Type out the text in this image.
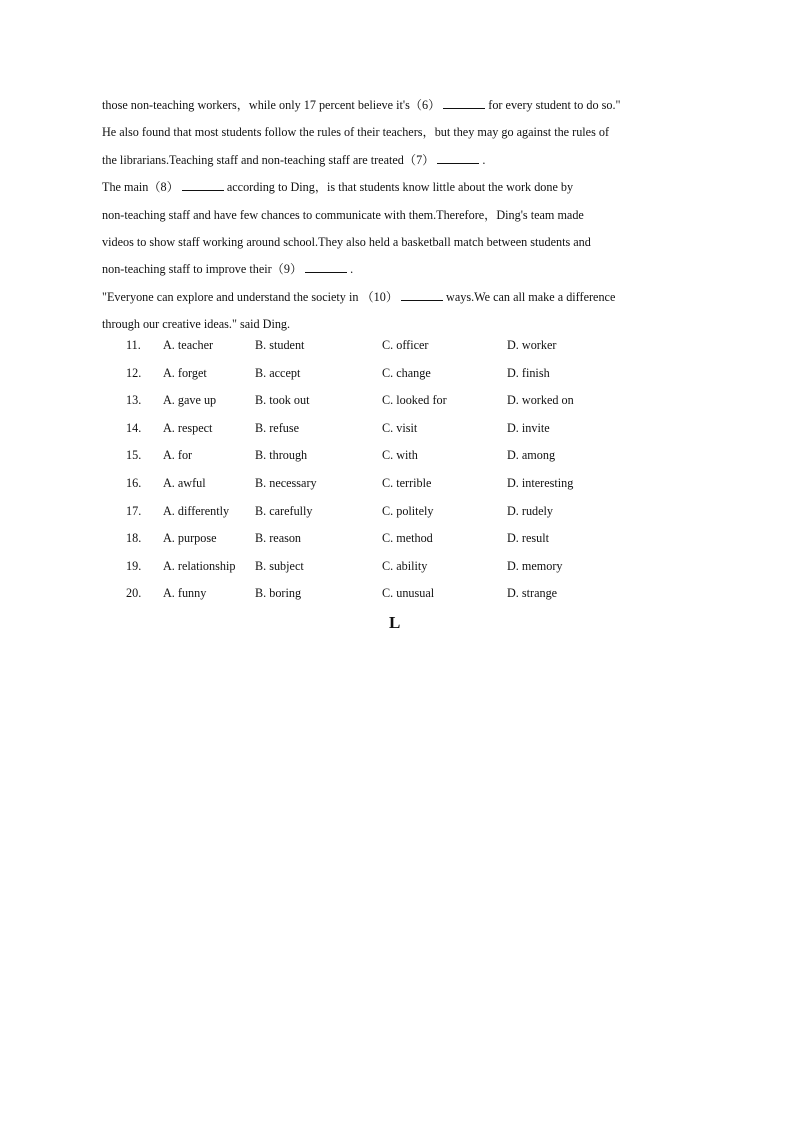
those non-teaching workers，while only 17 percent believe it's（6）	for every student to do so."
He also found that most students follow the rules of their teachers，but they may go against the rules of
the librarians.Teaching staff and non-teaching staff are treated（7）	.
The main（8）	according to Ding，is that students know little about the work done by
non-teaching staff and have few chances to communicate with them.Therefore，Ding's team made
videos to show staff working around school.They also held a basketball match between students and
non-teaching staff to improve their（9）	.
"Everyone can explore and understand the society in （10）	ways.We can all make a difference
through our creative ideas." said Ding.
11. A. teacher	B. student	C. officer	D. worker
12. A. forget	B. accept	C. change	D. finish
13. A. gave up	B. took out	C. looked for	D. worked on
14. A. respect	B. refuse	C. visit	D. invite
15. A. for	B. through	C. with	D. among
16. A. awful	B. necessary	C. terrible	D. interesting
17. A. differently B. carefully	C. politely	D. rudely
18. A. purpose	B. reason	C. method	D. result
19. A. relationship B. subject	C. ability	D. memory
20. A. funny	B. boring	C. unusual	D. strange
L
